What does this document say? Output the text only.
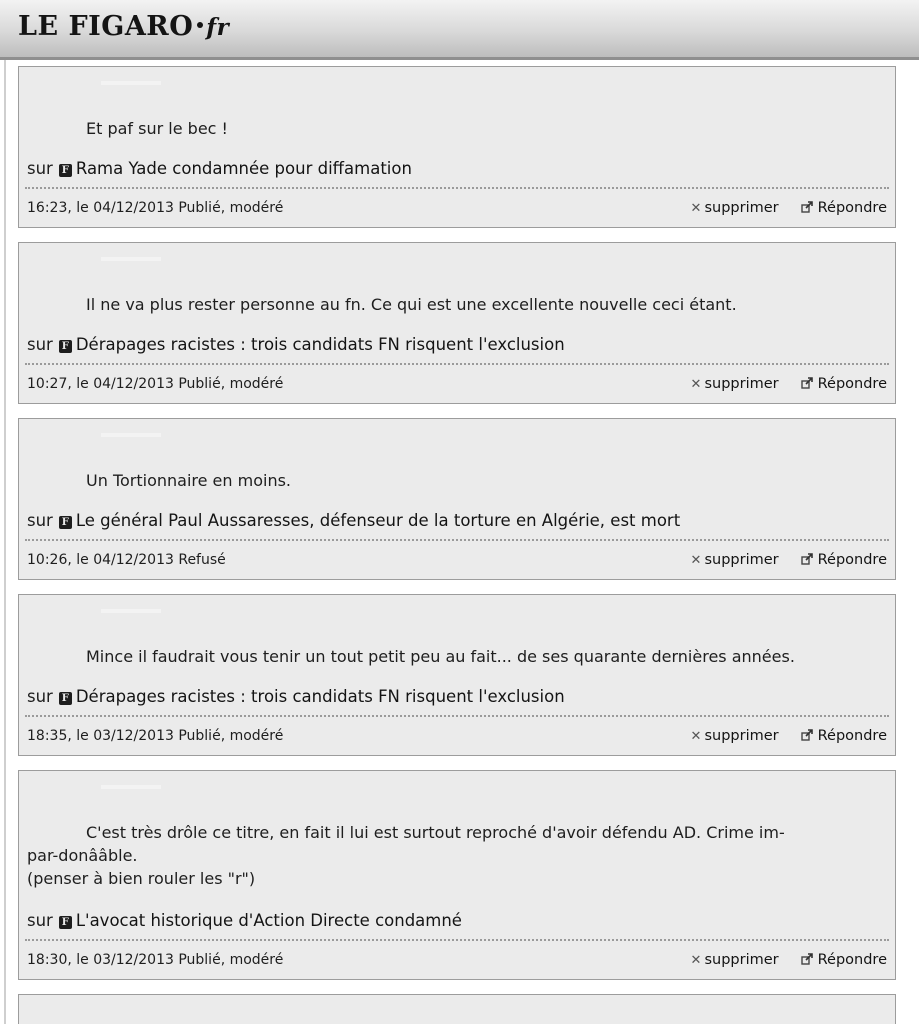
LE FIGARO fr

Et paf sur le bec !

sur F Rama Yade condamnée pour diffamation
16:23, le 04/12/2013 Publié, modéré	✕ supprimer	Répondre

Il ne va plus rester personne au fn. Ce qui est une excellente nouvelle ceci étant.

sur F Dérapages racistes : trois candidats FN risquent l'exclusion
10:27, le 04/12/2013 Publié, modéré	✕ supprimer	Répondre

Un Tortionnaire en moins.

sur F Le général Paul Aussaresses, défenseur de la torture en Algérie, est mort
10:26, le 04/12/2013 Refusé	✕ supprimer	Répondre

Mince il faudrait vous tenir un tout petit peu au fait... de ses quarante dernières années.

sur F Dérapages racistes : trois candidats FN risquent l'exclusion
18:35, le 03/12/2013 Publié, modéré	✕ supprimer	Répondre

C'est très drôle ce titre, en fait il lui est surtout reproché d'avoir défendu AD. Crime im-
par-donââble.
(penser à bien rouler les "r")

sur F L'avocat historique d'Action Directe condamné
18:30, le 03/12/2013 Publié, modéré	✕ supprimer	Répondre
